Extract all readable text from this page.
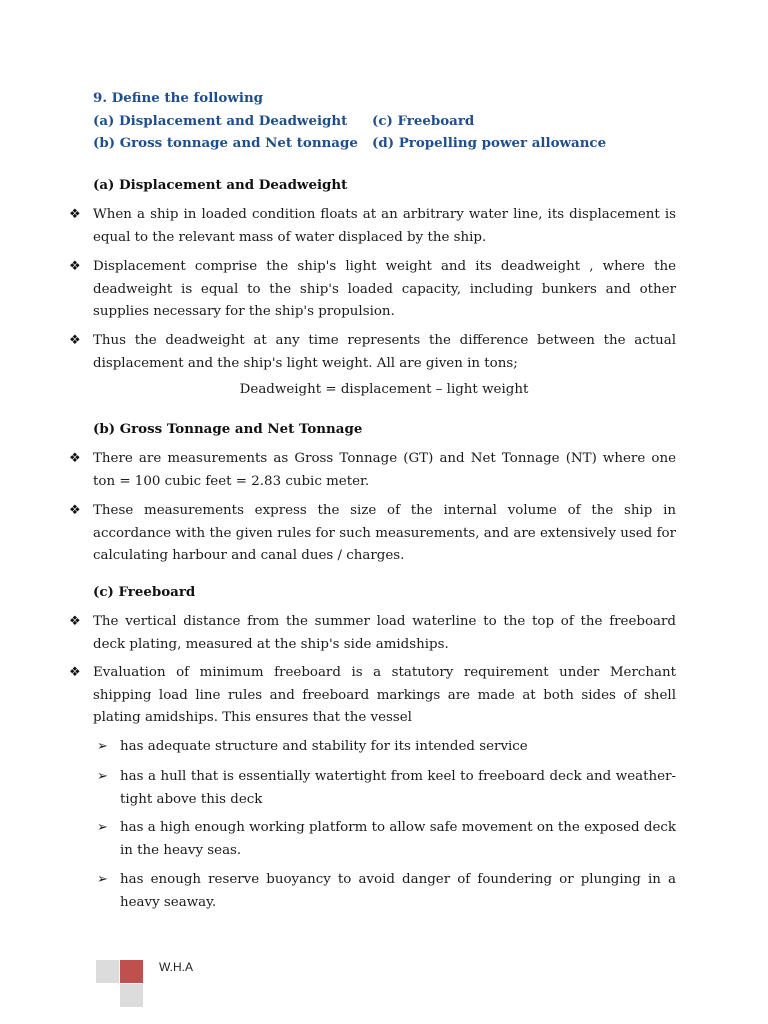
9. Define the following
(a) Displacement and Deadweight	(c) Freeboard
(b) Gross tonnage and Net tonnage	(d) Propelling power allowance
(a) Displacement and Deadweight
❖ When a ship in loaded condition floats at an arbitrary water line, its displacement is equal to the relevant mass of water displaced by the ship.
❖ Displacement comprise the ship's light weight and its deadweight , where the deadweight is equal to the ship's loaded capacity, including bunkers and other supplies necessary for the ship's propulsion.
❖ Thus the deadweight at any time represents the difference between the actual displacement and the ship's light weight. All are given in tons;
Deadweight = displacement – light weight
(b) Gross Tonnage and Net Tonnage
❖ There are measurements as Gross Tonnage (GT) and Net Tonnage (NT) where one ton = 100 cubic feet = 2.83 cubic meter.
❖ These measurements express the size of the internal volume of the ship in accordance with the given rules for such measurements, and are extensively used for calculating harbour and canal dues / charges.
(c) Freeboard
❖ The vertical distance from the summer load waterline to the top of the freeboard deck plating, measured at the ship's side amidships.
❖ Evaluation of minimum freeboard is a statutory requirement under Merchant shipping load line rules and freeboard markings are made at both sides of shell plating amidships. This ensures that the vessel
➢ has adequate structure and stability for its intended service
➢ has a hull that is essentially watertight from keel to freeboard deck and weather-tight above this deck
➢ has a high enough working platform to allow safe movement on the exposed deck in the heavy seas.
➢ has enough reserve buoyancy to avoid danger of foundering or plunging in a heavy seaway.
W.H.A
